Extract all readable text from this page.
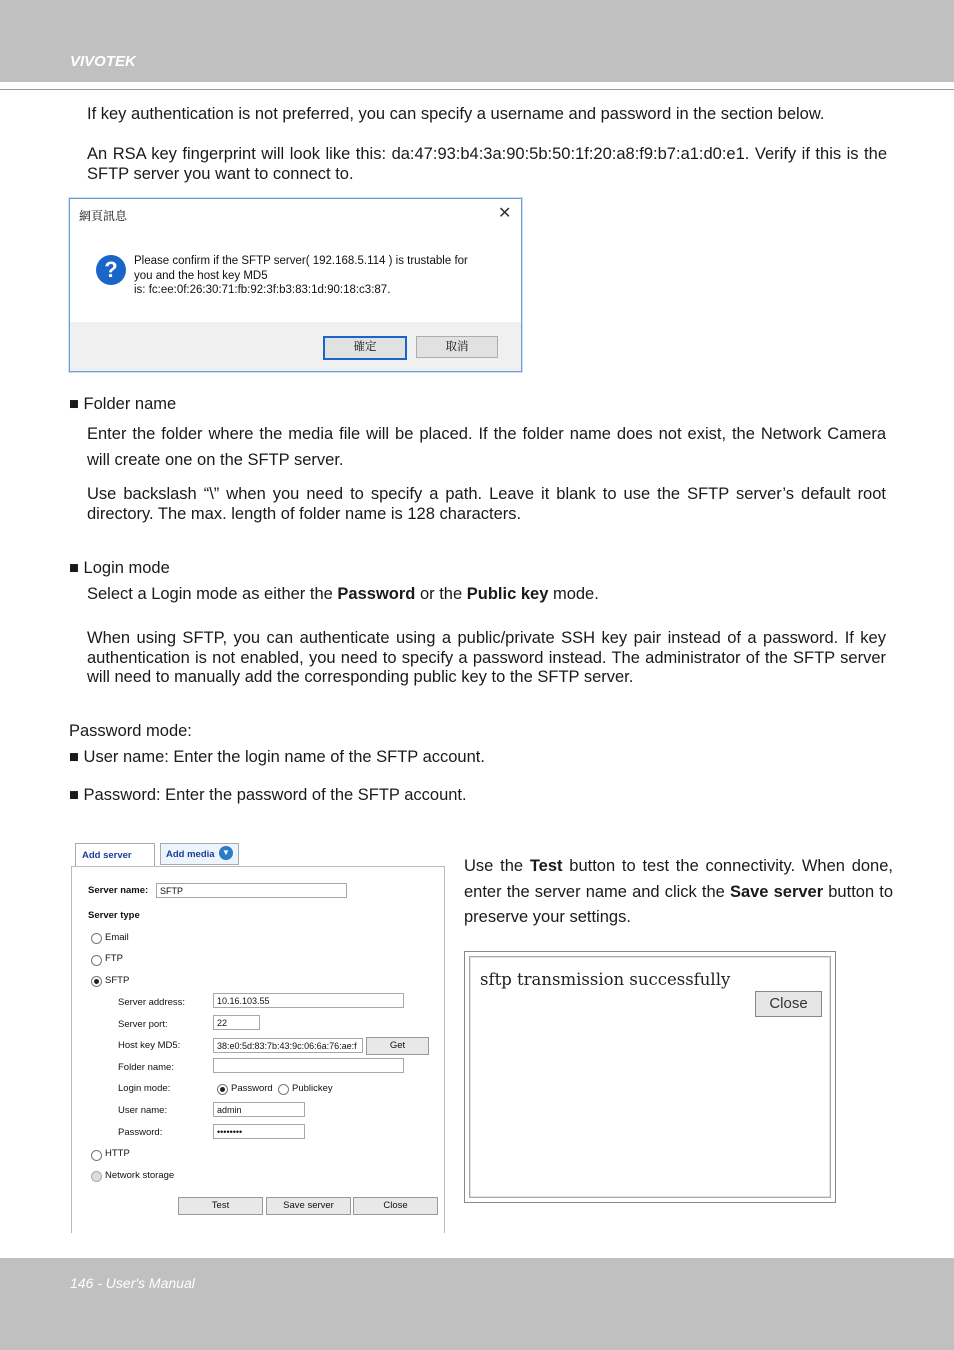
VIVOTEK
146 - User's Manual
If key authentication is not preferred, you can specify a username and password in the section below.
An RSA key fingerprint will look like this: da:47:93:b4:3a:90:5b:50:1f:20:a8:f9:b7:a1:d0:e1. Verify if this is the SFTP server you want to connect to.
網頁訊息	✕
?	Please confirm if the SFTP server( 192.168.5.114 ) is trustable for
you and the host key MD5
is: fc:ee:0f:26:30:71:fb:92:3f:b3:83:1d:90:18:c3:87.
確定	取消
■ Folder name
Enter the folder where the media file will be placed. If the folder name does not exist, the Network Camera will create one on the SFTP server.
Use backslash “\” when you need to specify a path. Leave it blank to use the SFTP server’s default root directory. The max. length of folder name is 128 characters.
■ Login mode
Select a Login mode as either the Password or the Public key mode.
When using SFTP, you can authenticate using a public/private SSH key pair instead of a password. If key authentication is not enabled, you need to specify a password instead. The administrator of the SFTP server will need to manually add the corresponding public key to the SFTP server.
Password mode:
■ User name: Enter the login name of the SFTP account.
■ Password: Enter the password of the SFTP account.
Add server	Add media ▼
Server name:	SFTP
Server type
Email
FTP
SFTP
Server address:	10.16.103.55
Server port:	22
Host key MD5:	38:e0:5d:83:7b:43:9c:06:6a:76:ae:f	Get
Folder name:
Login mode:	Password Publickey
User name:	admin
Password:	••••••••
HTTP
Network storage
Test	Save server	Close
Use the Test button to test the connectivity. When done, enter the server name and click the Save server button to preserve your settings.
sftp transmission successfully
Close
